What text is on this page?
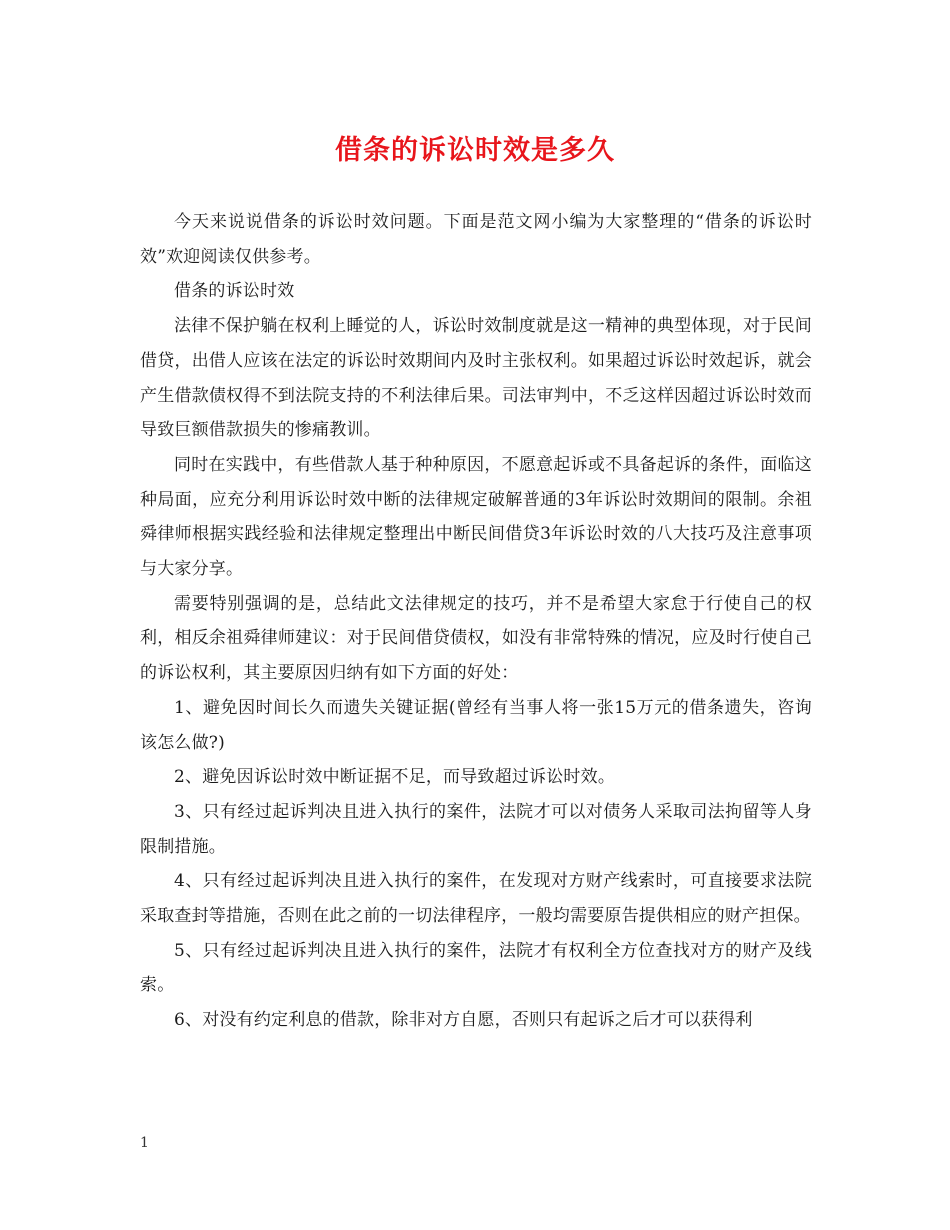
借条的诉讼时效是多久

今天来说说借条的诉讼时效问题。下面是范文网小编为大家整理的“借条的诉讼时效”欢迎阅读仅供参考。

借条的诉讼时效

法律不保护躺在权利上睡觉的人，诉讼时效制度就是这一精神的典型体现，对于民间借贷，出借人应该在法定的诉讼时效期间内及时主张权利。如果超过诉讼时效起诉，就会产生借款债权得不到法院支持的不利法律后果。司法审判中，不乏这样因超过诉讼时效而导致巨额借款损失的惨痛教训。

同时在实践中，有些借款人基于种种原因，不愿意起诉或不具备起诉的条件，面临这种局面，应充分利用诉讼时效中断的法律规定破解普通的3年诉讼时效期间的限制。余祖舜律师根据实践经验和法律规定整理出中断民间借贷3年诉讼时效的八大技巧及注意事项与大家分享。

需要特别强调的是，总结此文法律规定的技巧，并不是希望大家怠于行使自己的权利，相反余祖舜律师建议：对于民间借贷债权，如没有非常特殊的情况，应及时行使自己的诉讼权利，其主要原因归纳有如下方面的好处：

1、避免因时间长久而遗失关键证据(曾经有当事人将一张15万元的借条遗失，咨询该怎么做?)

2、避免因诉讼时效中断证据不足，而导致超过诉讼时效。

3、只有经过起诉判决且进入执行的案件，法院才可以对债务人采取司法拘留等人身限制措施。

4、只有经过起诉判决且进入执行的案件，在发现对方财产线索时，可直接要求法院采取查封等措施，否则在此之前的一切法律程序，一般均需要原告提供相应的财产担保。

5、只有经过起诉判决且进入执行的案件，法院才有权利全方位查找对方的财产及线索。

6、对没有约定利息的借款，除非对方自愿，否则只有起诉之后才可以获得利

1
